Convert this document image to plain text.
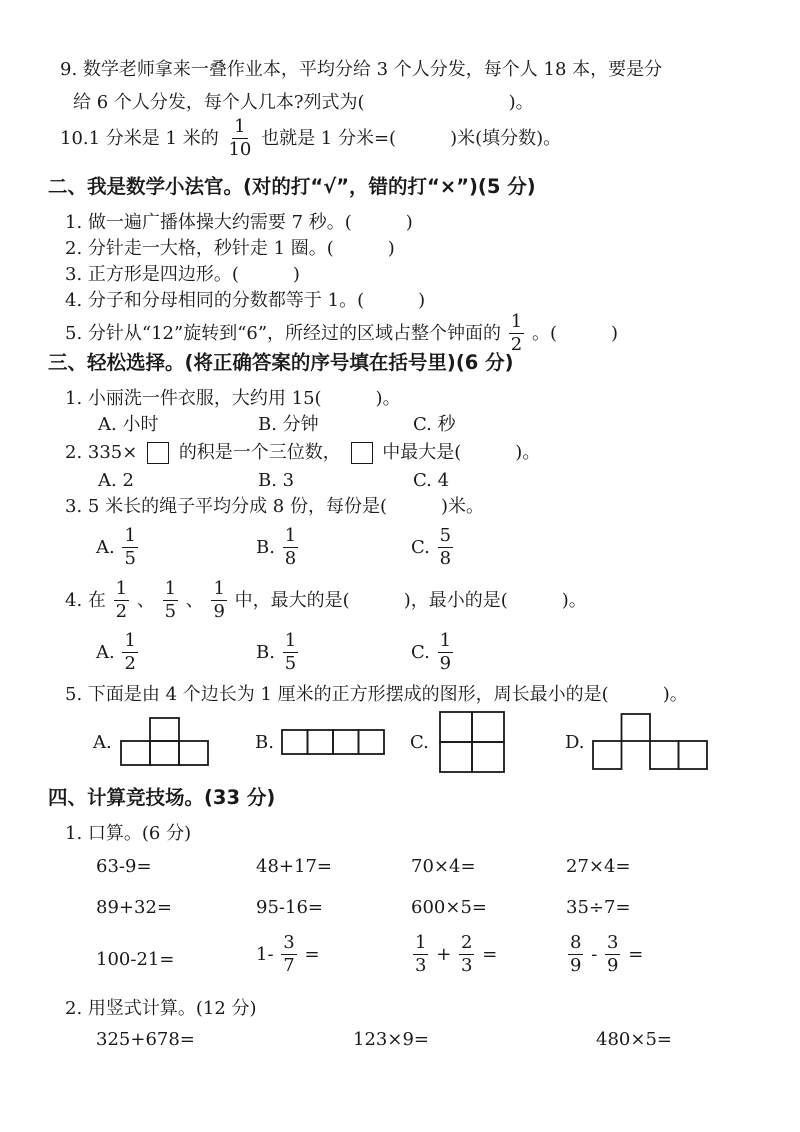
9. 数学老师拿来一叠作业本，平均分给 3 个人分发，每个人 18 本，要是分
给 6 个人分发，每个人几本?列式为(　　　　　　　　)。
10.1 分米是 1 米的 $\frac{1}{10}$ 也就是 1 分米=(　　　)米(填分数)。
二、我是数学小法官。(对的打“√”，错的打“×”)(5 分)
1. 做一遍广播体操大约需要 7 秒。(　　　)
2. 分针走一大格，秒针走 1 圈。(　　　)
3. 正方形是四边形。(　　　)
4. 分子和分母相同的分数都等于 1。(　　　)
5. 分针从“12”旋转到“6”，所经过的区域占整个钟面的 $\frac{1}{2}$ 。(　　　)
三、轻松选择。(将正确答案的序号填在括号里)(6 分)
1. 小丽洗一件衣服，大约用 15(　　　)。
A. 小时	B. 分钟	C. 秒
2. 335× 的积是一个三位数， 中最大是(　　　)。
A. 2	B. 3	C. 4
3. 5 米长的绳子平均分成 8 份，每份是(　　　)米。
A. $\frac{1}{5}$	B. $\frac{1}{8}$	C. $\frac{5}{8}$
4. 在 $\frac{1}{2}$ 、 $\frac{1}{5}$ 、 $\frac{1}{9}$ 中，最大的是(　　　)，最小的是(　　　)。
A. $\frac{1}{2}$	B. $\frac{1}{5}$	C. $\frac{1}{9}$
5. 下面是由 4 个边长为 1 厘米的正方形摆成的图形，周长最小的是(　　　)。
A.	B.	C.	D.
四、计算竞技场。(33 分)
1. 口算。(6 分)
63-9=	48+17=	70×4=	27×4=
89+32=	95-16=	600×5=	35÷7=
100-21=	$1- \frac{3}{7}$ =	$\frac{1}{3} + \frac{2}{3}$ =	$\frac{8}{9} - \frac{3}{9}$ =
2. 用竖式计算。(12 分)
325+678=	123×9=	480×5=
